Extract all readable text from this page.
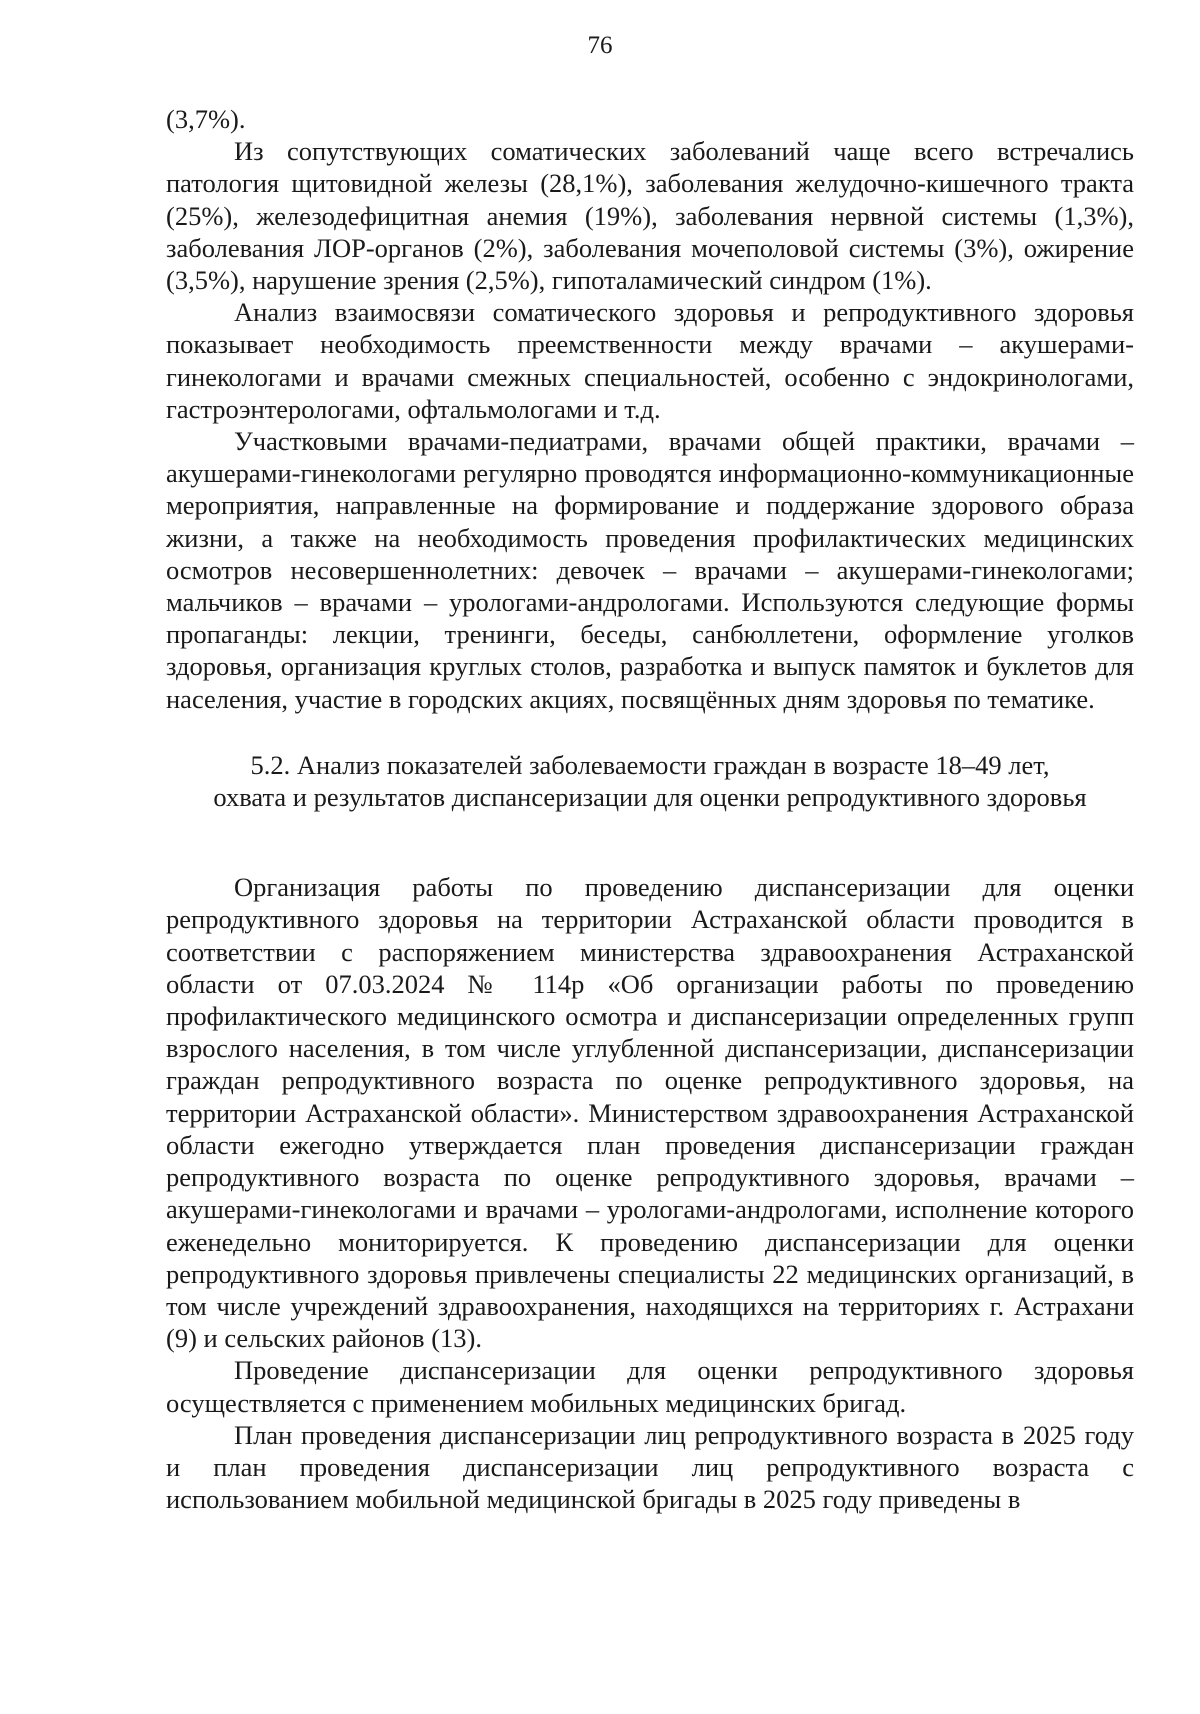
76

(3,7%).

Из сопутствующих соматических заболеваний чаще всего встречались патология щитовидной железы (28,1%), заболевания желудочно-кишечного тракта (25%), железодефицитная анемия (19%), заболевания нервной системы (1,3%), заболевания ЛОР-органов (2%), заболевания мочеполовой системы (3%), ожирение (3,5%), нарушение зрения (2,5%), гипоталамический синдром (1%).

Анализ взаимосвязи соматического здоровья и репродуктивного здоровья показывает необходимость преемственности между врачами – акушерами-гинекологами и врачами смежных специальностей, особенно с эндокринологами, гастроэнтерологами, офтальмологами и т.д.

Участковыми врачами-педиатрами, врачами общей практики, врачами – акушерами-гинекологами регулярно проводятся информационно-коммуникационные мероприятия, направленные на формирование и поддержание здорового образа жизни, а также на необходимость проведения профилактических медицинских осмотров несовершеннолетних: девочек – врачами – акушерами-гинекологами; мальчиков – врачами – урологами-андрологами. Используются следующие формы пропаганды: лекции, тренинги, беседы, санбюллетени, оформление уголков здоровья, организация круглых столов, разработка и выпуск памяток и буклетов для населения, участие в городских акциях, посвящённых дням здоровья по тематике.

5.2. Анализ показателей заболеваемости граждан в возрасте 18–49 лет,
охвата и результатов диспансеризации для оценки репродуктивного здоровья

Организация работы по проведению диспансеризации для оценки репродуктивного здоровья на территории Астраханской области проводится в соответствии с распоряжением министерства здравоохранения Астраханской области от 07.03.2024 № 114р «Об организации работы по проведению профилактического медицинского осмотра и диспансеризации определенных групп взрослого населения, в том числе углубленной диспансеризации, диспансеризации граждан репродуктивного возраста по оценке репродуктивного здоровья, на территории Астраханской области». Министерством здравоохранения Астраханской области ежегодно утверждается план проведения диспансеризации граждан репродуктивного возраста по оценке репродуктивного здоровья, врачами – акушерами-гинекологами и врачами – урологами-андрологами, исполнение которого еженедельно мониторируется. К проведению диспансеризации для оценки репродуктивного здоровья привлечены специалисты 22 медицинских организаций, в том числе учреждений здравоохранения, находящихся на территориях г. Астрахани (9) и сельских районов (13).

Проведение диспансеризации для оценки репродуктивного здоровья осуществляется с применением мобильных медицинских бригад.

План проведения диспансеризации лиц репродуктивного возраста в 2025 году и план проведения диспансеризации лиц репродуктивного возраста с использованием мобильной медицинской бригады в 2025 году приведены в
